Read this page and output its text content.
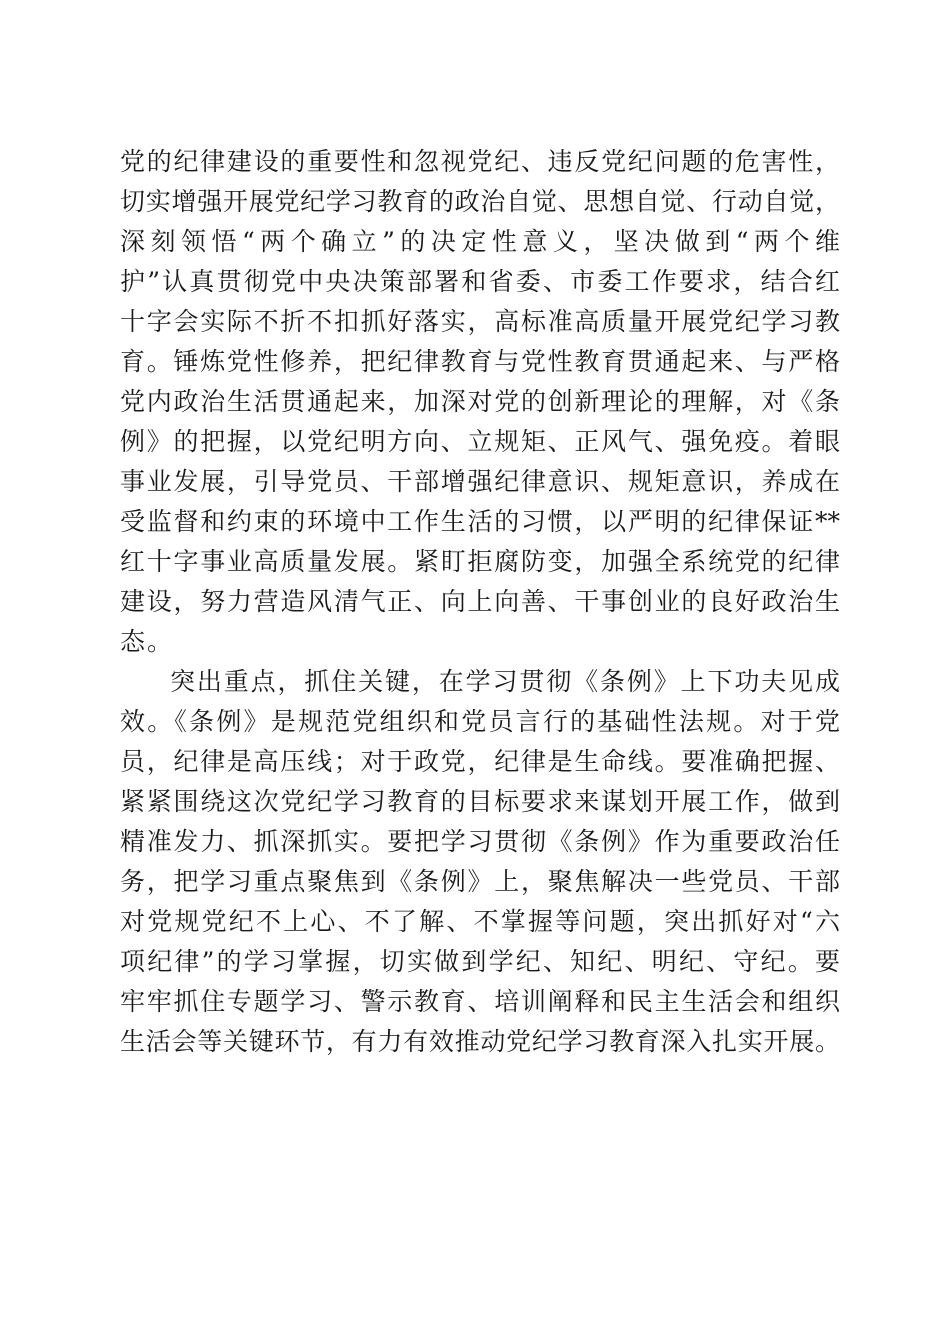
党的纪律建设的重要性和忽视党纪、违反党纪问题的危害性，
切实增强开展党纪学习教育的政治自觉、思想自觉、行动自觉，
深刻领悟“两个确立”的决定性意义，坚决做到“两个维
护”认真贯彻党中央决策部署和省委、市委工作要求，结合红
十字会实际不折不扣抓好落实，高标准高质量开展党纪学习教
育。锤炼党性修养，把纪律教育与党性教育贯通起来、与严格
党内政治生活贯通起来，加深对党的创新理论的理解，对《条
例》的把握，以党纪明方向、立规矩、正风气、强免疫。着眼
事业发展，引导党员、干部增强纪律意识、规矩意识，养成在
受监督和约束的环境中工作生活的习惯，以严明的纪律保证**
红十字事业高质量发展。紧盯拒腐防变，加强全系统党的纪律
建设，努力营造风清气正、向上向善、干事创业的良好政治生
态。
突出重点，抓住关键，在学习贯彻《条例》上下功夫见成
效。《条例》是规范党组织和党员言行的基础性法规。对于党
员，纪律是高压线；对于政党，纪律是生命线。要准确把握、
紧紧围绕这次党纪学习教育的目标要求来谋划开展工作，做到
精准发力、抓深抓实。要把学习贯彻《条例》作为重要政治任
务，把学习重点聚焦到《条例》上，聚焦解决一些党员、干部
对党规党纪不上心、不了解、不掌握等问题，突出抓好对“六
项纪律”的学习掌握，切实做到学纪、知纪、明纪、守纪。要
牢牢抓住专题学习、警示教育、培训阐释和民主生活会和组织
生活会等关键环节，有力有效推动党纪学习教育深入扎实开展。
